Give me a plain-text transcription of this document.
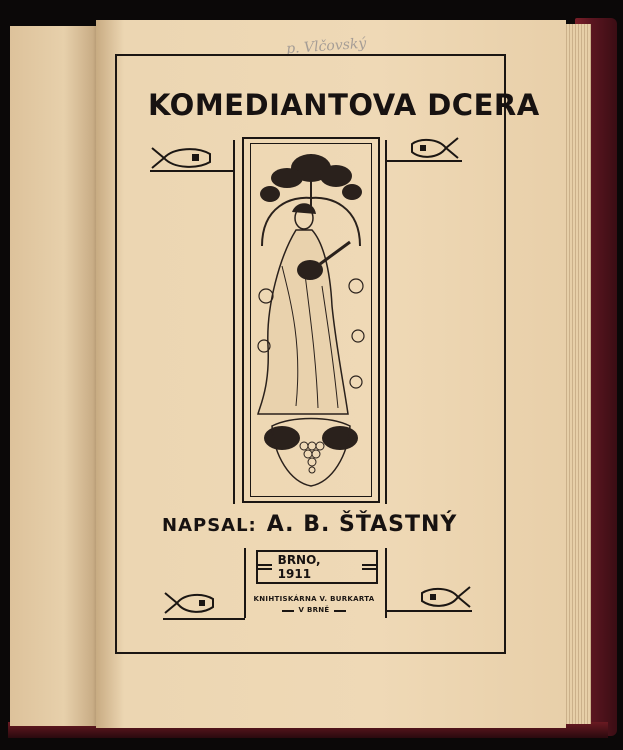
p. Vlčovský
KOMEDIANTOVA DCERA
NAPSAL: A. B. ŠŤASTNÝ
BRNO, 1911
KNIHTISKÁRNA V. BURKARTA
V BRNĚ
